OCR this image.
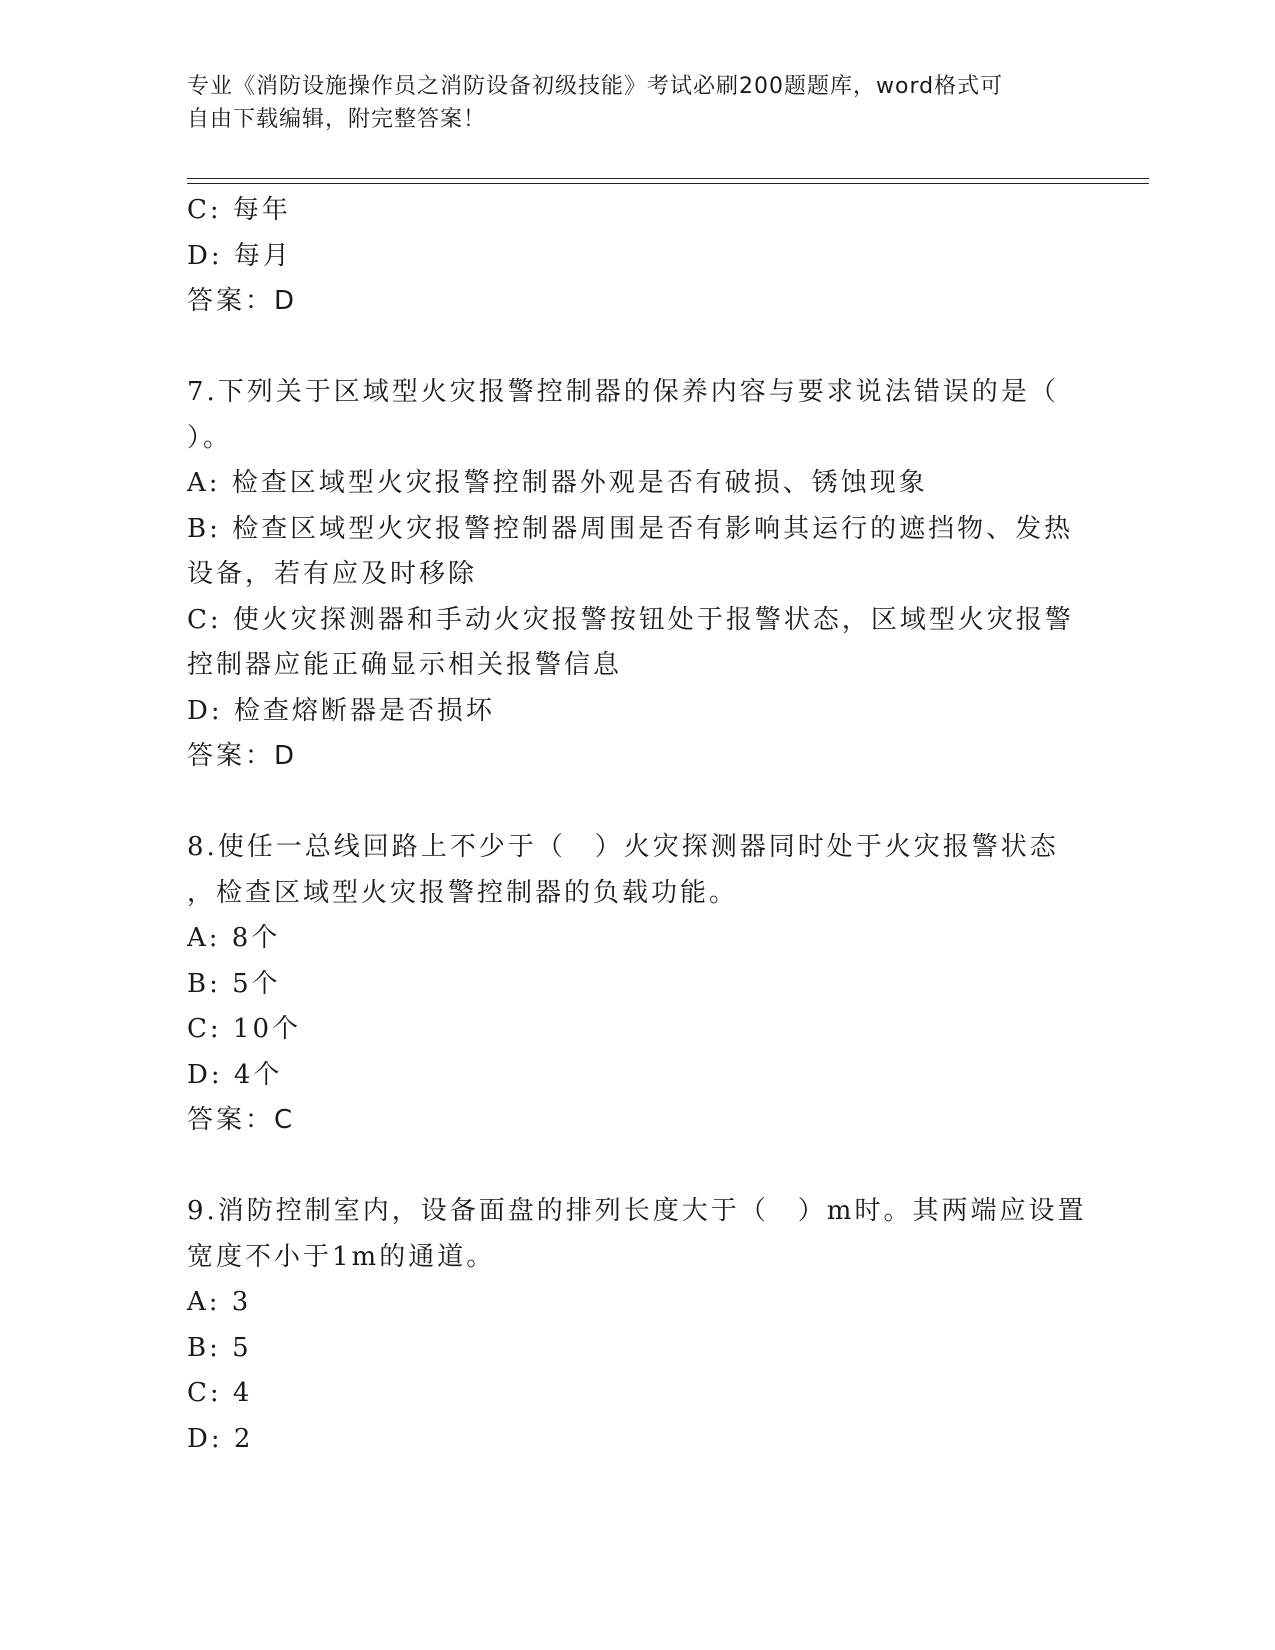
专业《消防设施操作员之消防设备初级技能》考试必刷200题题库，word格式可
自由下载编辑，附完整答案！
C: 每年
D: 每月
答案：D
7.下列关于区域型火灾报警控制器的保养内容与要求说法错误的是（
）。
A: 检查区域型火灾报警控制器外观是否有破损、锈蚀现象
B: 检查区域型火灾报警控制器周围是否有影响其运行的遮挡物、发热
设备，若有应及时移除
C: 使火灾探测器和手动火灾报警按钮处于报警状态，区域型火灾报警
控制器应能正确显示相关报警信息
D: 检查熔断器是否损坏
答案：D
8.使任一总线回路上不少于（　）火灾探测器同时处于火灾报警状态
，检查区域型火灾报警控制器的负载功能。
A: 8个
B: 5个
C: 10个
D: 4个
答案：C
9.消防控制室内，设备面盘的排列长度大于（　）m时。其两端应设置
宽度不小于1m的通道。
A: 3
B: 5
C: 4
D: 2
